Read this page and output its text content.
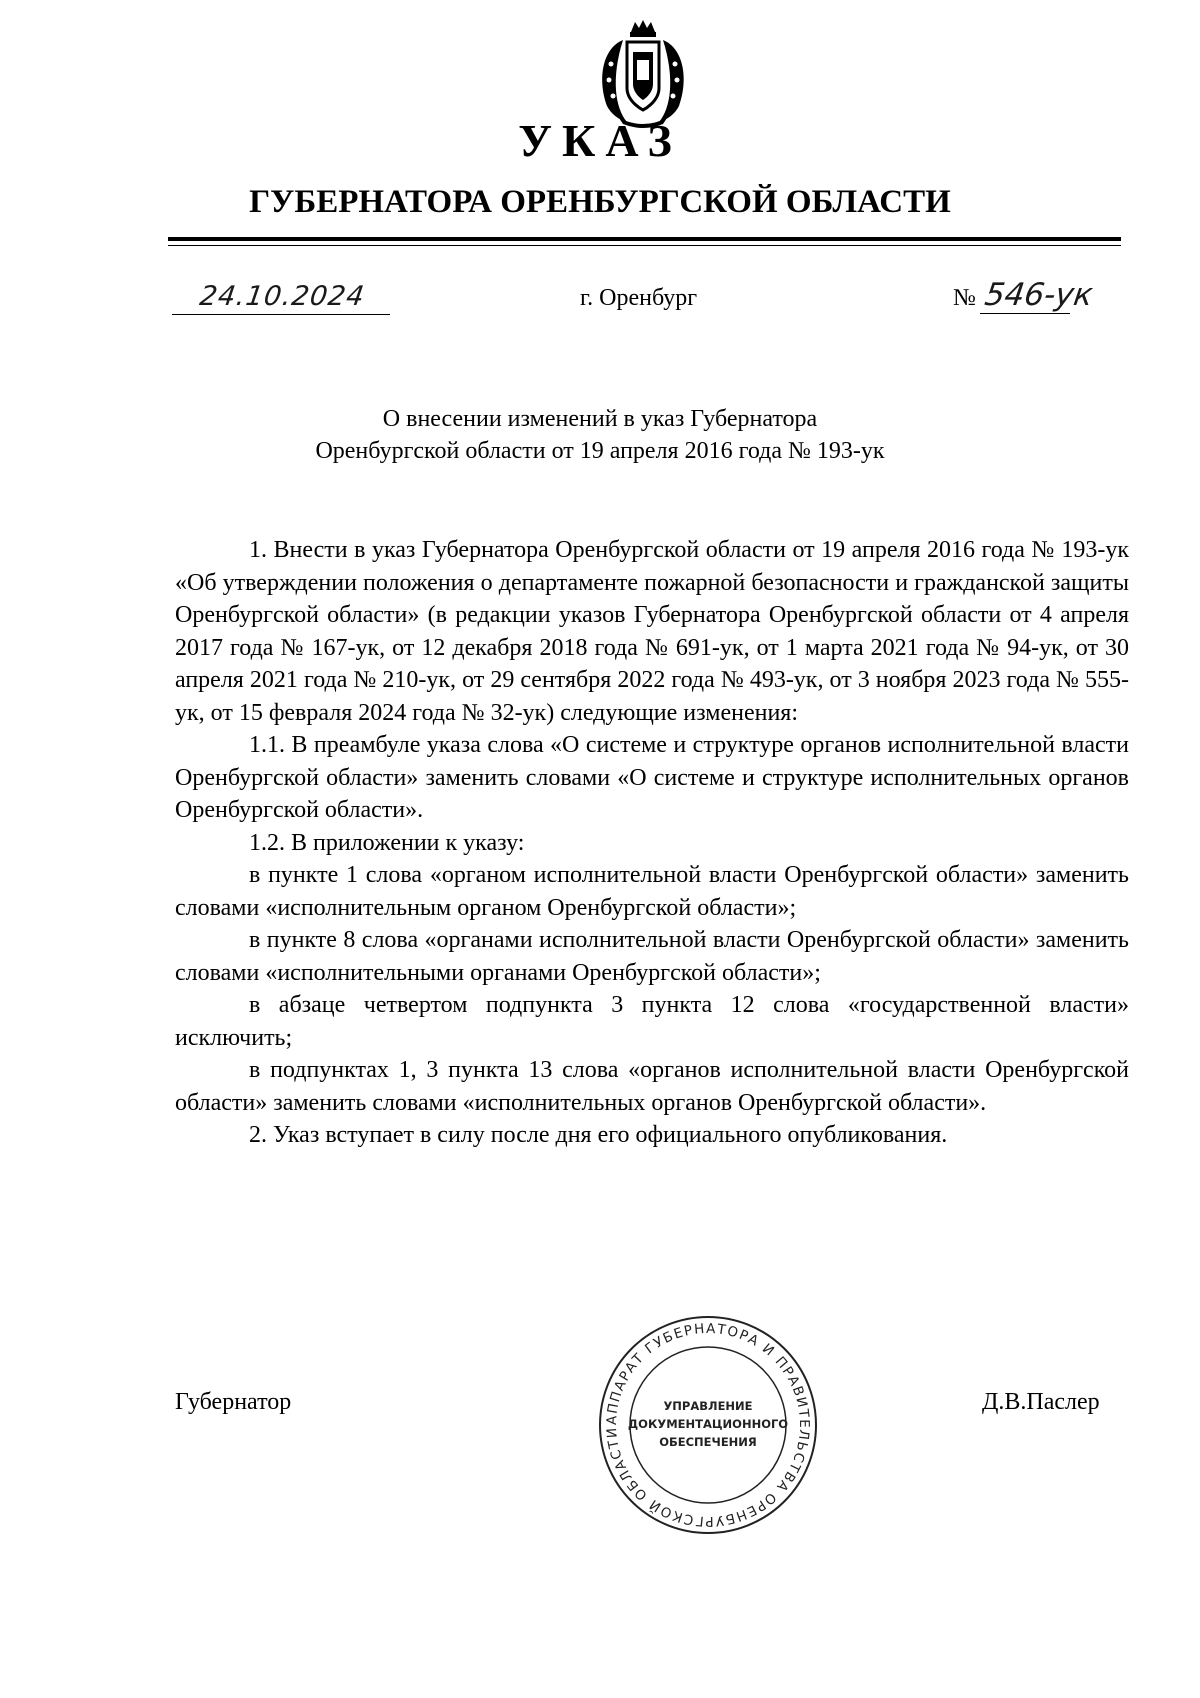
УКАЗ
ГУБЕРНАТОРА ОРЕНБУРГСКОЙ ОБЛАСТИ
24.10.2024	г. Оренбург	№ 546-ук
О внесении изменений в указ Губернатора
Оренбургской области от 19 апреля 2016 года № 193-ук

1. Внести в указ Губернатора Оренбургской области от 19 апреля 2016 года № 193-ук «Об утверждении положения о департаменте пожарной безопасности и гражданской защиты Оренбургской области» (в редакции указов Губернатора Оренбургской области от 4 апреля 2017 года № 167-ук, от 12 декабря 2018 года № 691-ук, от 1 марта 2021 года № 94-ук, от 30 апреля 2021 года № 210-ук, от 29 сентября 2022 года № 493-ук, от 3 ноября 2023 года № 555-ук, от 15 февраля 2024 года № 32-ук) следующие изменения:

1.1. В преамбуле указа слова «О системе и структуре органов исполнительной власти Оренбургской области» заменить словами «О системе и структуре исполнительных органов Оренбургской области».

1.2. В приложении к указу:

в пункте 1 слова «органом исполнительной власти Оренбургской области» заменить словами «исполнительным органом Оренбургской области»;

в пункте 8 слова «органами исполнительной власти Оренбургской области» заменить словами «исполнительными органами Оренбургской области»;

в абзаце четвертом подпункта 3 пункта 12 слова «государственной власти» исключить;

в подпунктах 1, 3 пункта 13 слова «органов исполнительной власти Оренбургской области» заменить словами «исполнительных органов Оренбургской области».

2. Указ вступает в силу после дня его официального опубликования.

Губернатор	Д.В.Паслер
АППАРАТ ГУБЕРНАТОРА И ПРАВИТЕЛЬСТВА ОРЕНБУРГСКОЙ ОБЛАСТИ
УПРАВЛЕНИЕ
ДОКУМЕНТАЦИОННОГО
ОБЕСПЕЧЕНИЯ
